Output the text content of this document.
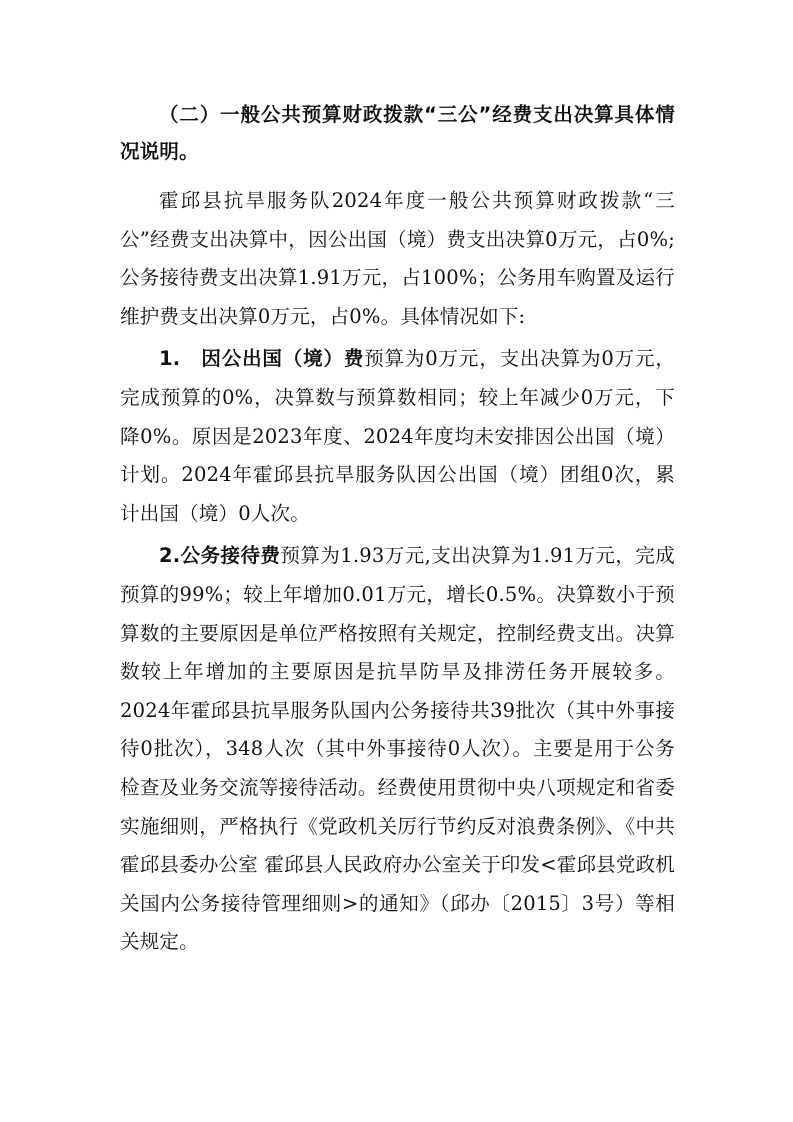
（二）一般公共预算财政拨款“三公”经费支出决算具体情况说明。

霍邱县抗旱服务队2024年度一般公共预算财政拨款“三公”经费支出决算中，因公出国（境）费支出决算0万元，占0%;公务接待费支出决算1.91万元，占100%；公务用车购置及运行维护费支出决算0万元，占0%。具体情况如下:

1.　因公出国（境）费预算为0万元，支出决算为0万元，完成预算的0%，决算数与预算数相同；较上年减少0万元，下降0%。原因是2023年度、2024年度均未安排因公出国（境）计划。2024年霍邱县抗旱服务队因公出国（境）团组0次，累计出国（境）0人次。

2.公务接待费预算为1.93万元,支出决算为1.91万元，完成预算的99%；较上年增加0.01万元，增长0.5%。决算数小于预算数的主要原因是单位严格按照有关规定，控制经费支出。决算数较上年增加的主要原因是抗旱防旱及排涝任务开展较多。2024年霍邱县抗旱服务队国内公务接待共39批次（其中外事接待0批次），348人次（其中外事接待0人次）。主要是用于公务检查及业务交流等接待活动。经费使用贯彻中央八项规定和省委实施细则，严格执行《党政机关厉行节约反对浪费条例》、《中共霍邱县委办公室 霍邱县人民政府办公室关于印发<霍邱县党政机关国内公务接待管理细则>的通知》（邱办〔2015〕3号）等相关规定。
